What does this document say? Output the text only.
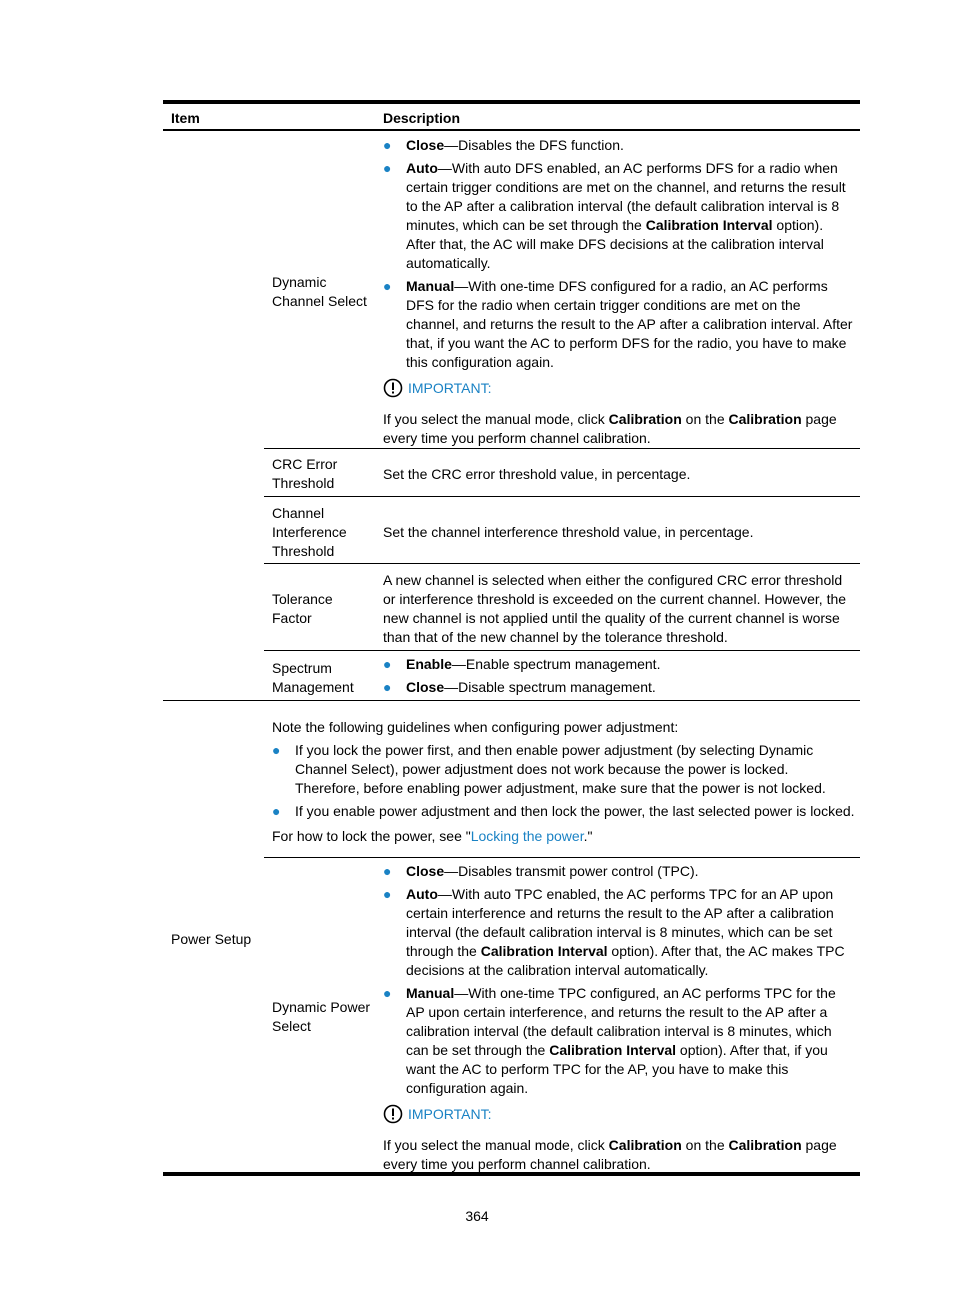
Item	Description
Dynamic Channel Select
● Close—Disables the DFS function.
● Auto—With auto DFS enabled, an AC performs DFS for a radio when certain trigger conditions are met on the channel, and returns the result to the AP after a calibration interval (the default calibration interval is 8 minutes, which can be set through the Calibration Interval option). After that, the AC will make DFS decisions at the calibration interval automatically.
● Manual—With one-time DFS configured for a radio, an AC performs DFS for the radio when certain trigger conditions are met on the channel, and returns the result to the AP after a calibration interval. After that, if you want the AC to perform DFS for the radio, you have to make this configuration again.
IMPORTANT:
If you select the manual mode, click Calibration on the Calibration page every time you perform channel calibration.
CRC Error Threshold
Set the CRC error threshold value, in percentage.
Channel Interference Threshold
Set the channel interference threshold value, in percentage.
Tolerance Factor
A new channel is selected when either the configured CRC error threshold or interference threshold is exceeded on the current channel. However, the new channel is not applied until the quality of the current channel is worse than that of the new channel by the tolerance threshold.
Spectrum Management
● Enable—Enable spectrum management.
● Close—Disable spectrum management.
Power Setup
Note the following guidelines when configuring power adjustment:
● If you lock the power first, and then enable power adjustment (by selecting Dynamic Channel Select), power adjustment does not work because the power is locked. Therefore, before enabling power adjustment, make sure that the power is not locked.
● If you enable power adjustment and then lock the power, the last selected power is locked.
For how to lock the power, see "Locking the power."
Dynamic Power Select
● Close—Disables transmit power control (TPC).
● Auto—With auto TPC enabled, the AC performs TPC for an AP upon certain interference and returns the result to the AP after a calibration interval (the default calibration interval is 8 minutes, which can be set through the Calibration Interval option). After that, the AC makes TPC decisions at the calibration interval automatically.
● Manual—With one-time TPC configured, an AC performs TPC for the AP upon certain interference, and returns the result to the AP after a calibration interval (the default calibration interval is 8 minutes, which can be set through the Calibration Interval option). After that, if you want the AC to perform TPC for the AP, you have to make this configuration again.
IMPORTANT:
If you select the manual mode, click Calibration on the Calibration page every time you perform channel calibration.
364
